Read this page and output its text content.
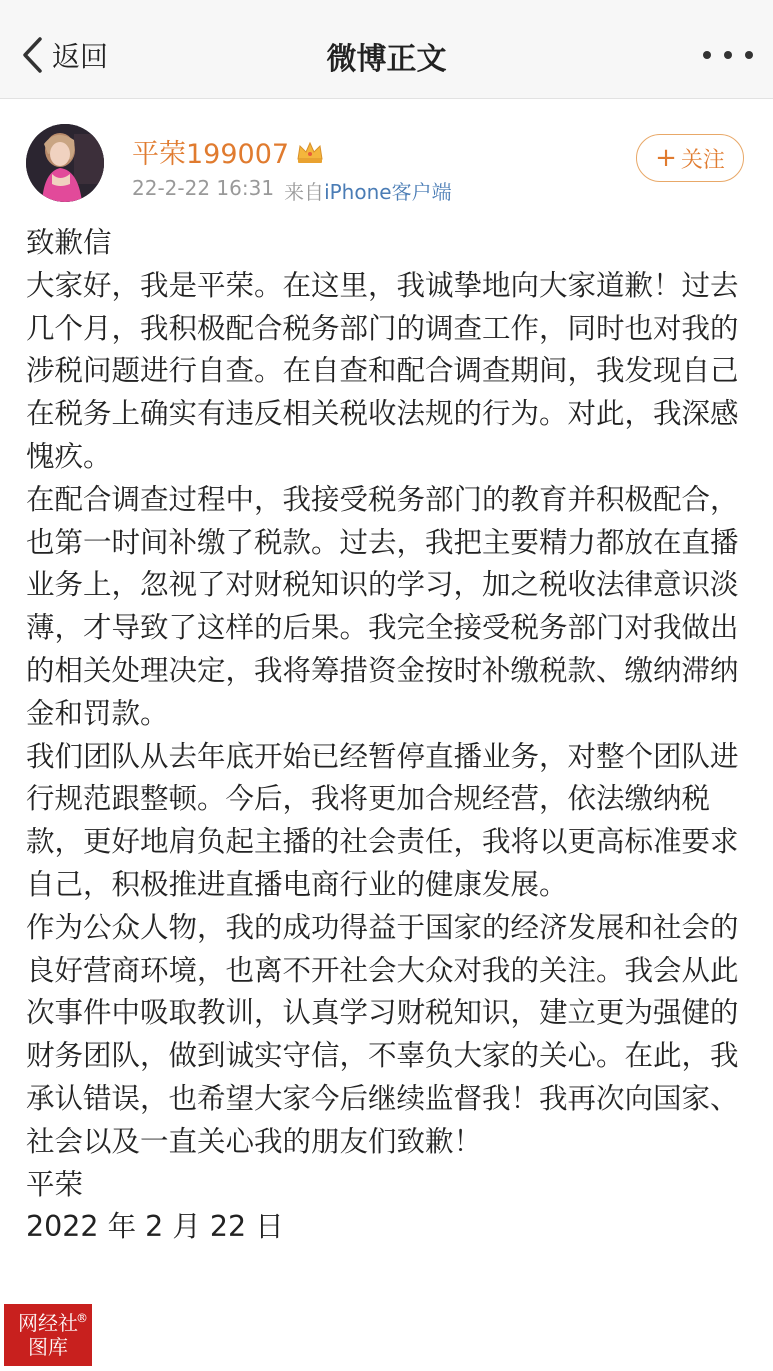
返回	微博正文
平荣199007
22-2-22 16:31 来自iPhone客户端
+ 关注

致歉信

大家好，我是平荣。在这里，我诚挚地向大家道歉！过去几个月，我积极配合税务部门的调查工作，同时也对我的涉税问题进行自查。在自查和配合调查期间，我发现自己在税务上确实有违反相关税收法规的行为。对此，我深感愧疚。

在配合调查过程中，我接受税务部门的教育并积极配合，也第一时间补缴了税款。过去，我把主要精力都放在直播业务上，忽视了对财税知识的学习，加之税收法律意识淡薄，才导致了这样的后果。我完全接受税务部门对我做出的相关处理决定，我将筹措资金按时补缴税款、缴纳滞纳金和罚款。

我们团队从去年底开始已经暂停直播业务，对整个团队进行规范跟整顿。今后，我将更加合规经营，依法缴纳税款，更好地肩负起主播的社会责任，我将以更高标准要求自己，积极推进直播电商行业的健康发展。

作为公众人物，我的成功得益于国家的经济发展和社会的良好营商环境，也离不开社会大众对我的关注。我会从此次事件中吸取教训，认真学习财税知识，建立更为强健的财务团队，做到诚实守信，不辜负大家的关心。在此，我承认错误，也希望大家今后继续监督我！我再次向国家、社会以及一直关心我的朋友们致歉！

平荣

2022 年 2 月 22 日

®
网经社
图库
